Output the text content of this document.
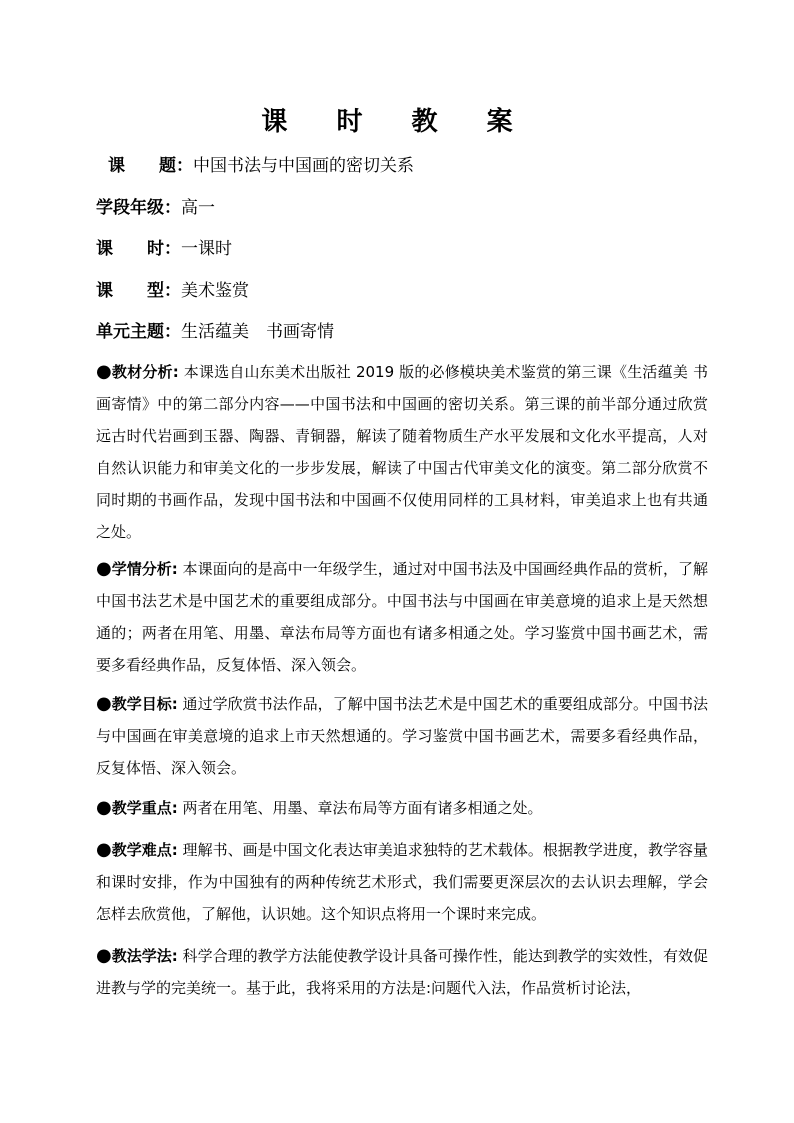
课 时 教 案
课　　题：中国书法与中国画的密切关系
学段年级：高一
课　　时：一课时
课　　型：美术鉴赏
单元主题：生活蕴美　书画寄情
●教材分析: 本课选自山东美术出版社 2019 版的必修模块美术鉴赏的第三课《生活蕴美 书画寄情》中的第二部分内容——中国书法和中国画的密切关系。第三课的前半部分通过欣赏远古时代岩画到玉器、陶器、青铜器，解读了随着物质生产水平发展和文化水平提高，人对自然认识能力和审美文化的一步步发展，解读了中国古代审美文化的演变。第二部分欣赏不同时期的书画作品，发现中国书法和中国画不仅使用同样的工具材料，审美追求上也有共通之处。
●学情分析: 本课面向的是高中一年级学生，通过对中国书法及中国画经典作品的赏析，了解中国书法艺术是中国艺术的重要组成部分。中国书法与中国画在审美意境的追求上是天然想通的；两者在用笔、用墨、章法布局等方面也有诸多相通之处。学习鉴赏中国书画艺术，需要多看经典作品，反复体悟、深入领会。
●教学目标: 通过学欣赏书法作品，了解中国书法艺术是中国艺术的重要组成部分。中国书法与中国画在审美意境的追求上市天然想通的。学习鉴赏中国书画艺术，需要多看经典作品，反复体悟、深入领会。
●教学重点: 两者在用笔、用墨、章法布局等方面有诸多相通之处。
●教学难点: 理解书、画是中国文化表达审美追求独特的艺术载体。根据教学进度，教学容量和课时安排，作为中国独有的两种传统艺术形式，我们需要更深层次的去认识去理解，学会怎样去欣赏他，了解他，认识她。这个知识点将用一个课时来完成。
●教法学法: 科学合理的教学方法能使教学设计具备可操作性，能达到教学的实效性，有效促进教与学的完美统一。基于此，我将采用的方法是:问题代入法，作品赏析讨论法，
